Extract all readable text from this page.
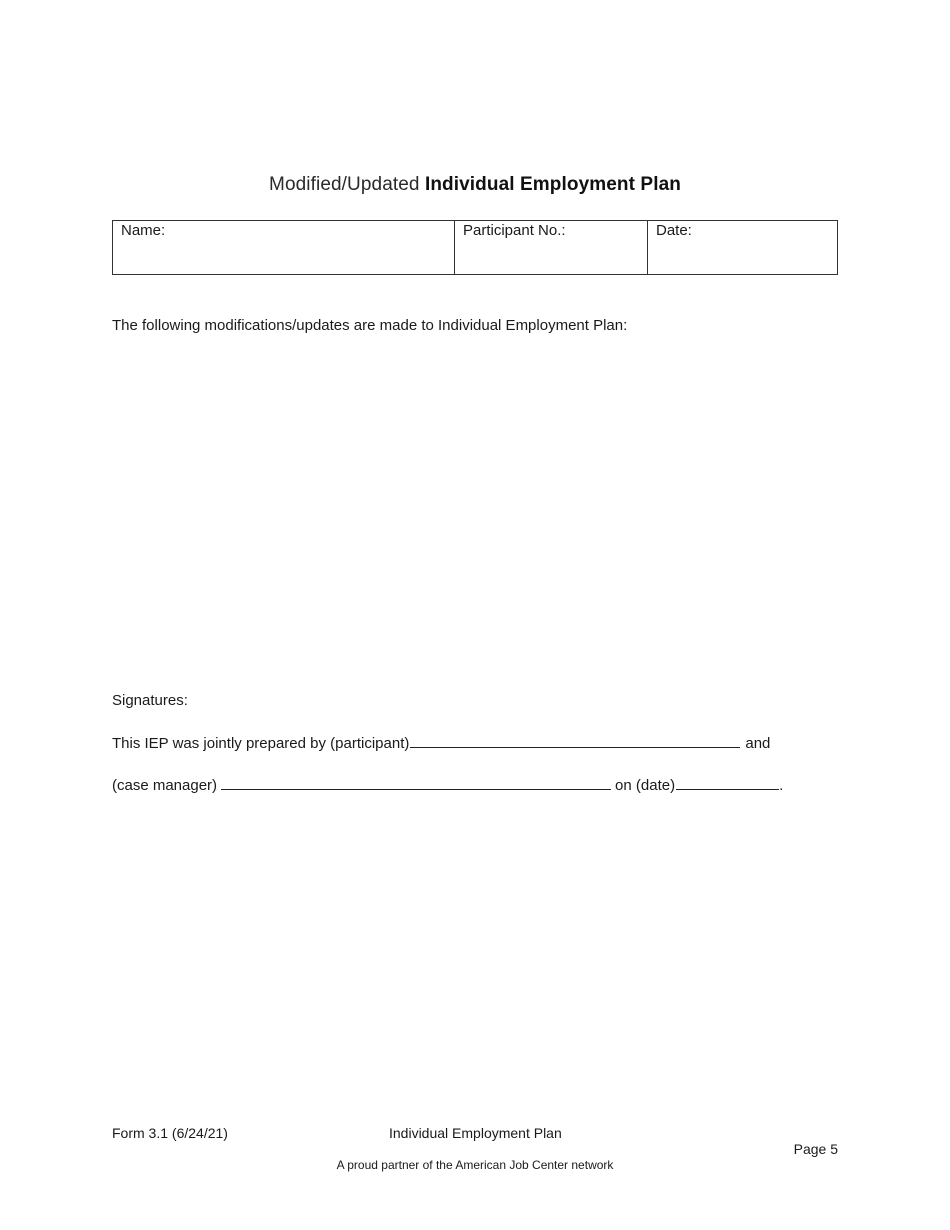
Modified/Updated Individual Employment Plan
Name:	Participant No.:	Date:
The following modifications/updates are made to Individual Employment Plan:
Signatures:
This IEP was jointly prepared by (participant)	and
(case manager)	on (date)	.
Form 3.1 (6/24/21)	Individual Employment Plan
Page 5
A proud partner of the American Job Center network
